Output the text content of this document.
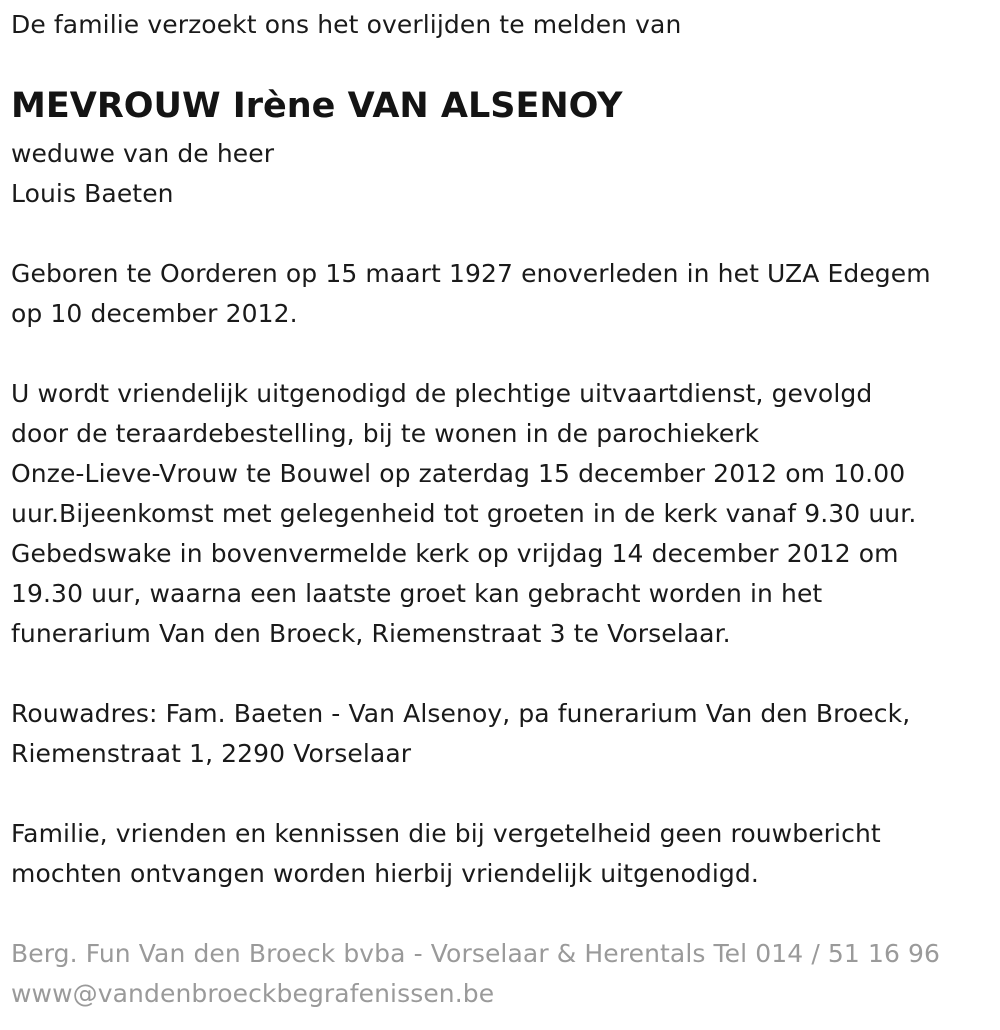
De familie verzoekt ons het overlijden te melden van
MEVROUW Irène VAN ALSENOY
weduwe van de heer
Louis Baeten
Geboren te Oorderen op 15 maart 1927 enoverleden in het UZA Edegem
op 10 december 2012.
U wordt vriendelijk uitgenodigd de plechtige uitvaartdienst, gevolgd
door de teraardebestelling, bij te wonen in de parochiekerk
Onze-Lieve-Vrouw te Bouwel op zaterdag 15 december 2012 om 10.00
uur.Bijeenkomst met gelegenheid tot groeten in de kerk vanaf 9.30 uur.
Gebedswake in bovenvermelde kerk op vrijdag 14 december 2012 om
19.30 uur, waarna een laatste groet kan gebracht worden in het
funerarium Van den Broeck, Riemenstraat 3 te Vorselaar.
Rouwadres: Fam. Baeten - Van Alsenoy, pa funerarium Van den Broeck,
Riemenstraat 1, 2290 Vorselaar
Familie, vrienden en kennissen die bij vergetelheid geen rouwbericht
mochten ontvangen worden hierbij vriendelijk uitgenodigd.
Berg. Fun Van den Broeck bvba - Vorselaar & Herentals Tel 014 / 51 16 96
www@vandenbroeckbegrafenissen.be
